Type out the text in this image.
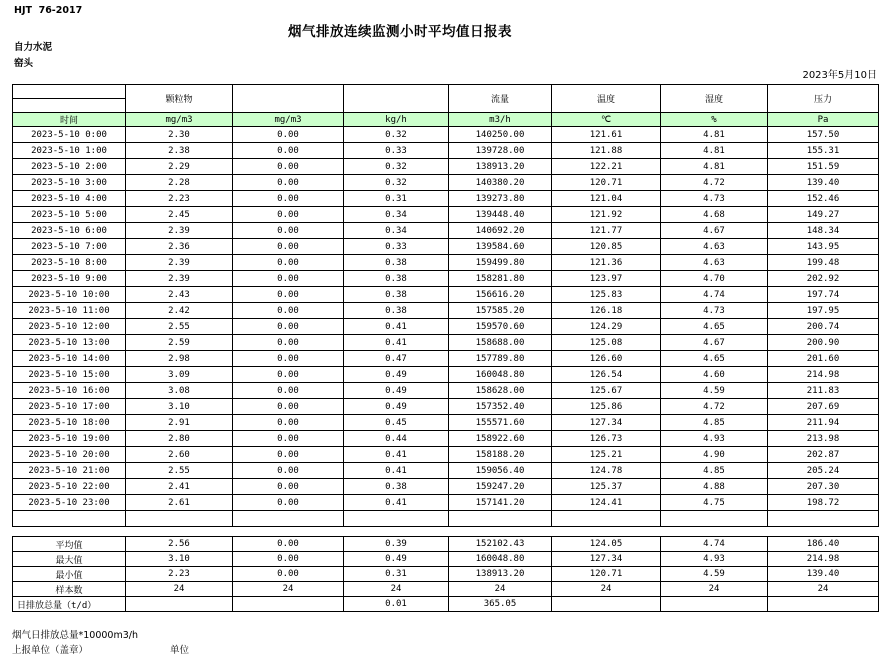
HJT  76-2017
烟气排放连续监测小时平均值日报表
自力水泥
窑头
2023年5月10日
	颗粒物			流量	温度	湿度	压力

时间	mg/m3	mg/m3	kg/h	m3/h	℃	%	Pa
2023-5-10 0:00	2.30	0.00	0.32	140250.00	121.61	4.81	157.50
2023-5-10 1:00	2.38	0.00	0.33	139728.00	121.88	4.81	155.31
2023-5-10 2:00	2.29	0.00	0.32	138913.20	122.21	4.81	151.59
2023-5-10 3:00	2.28	0.00	0.32	140380.20	120.71	4.72	139.40
2023-5-10 4:00	2.23	0.00	0.31	139273.80	121.04	4.73	152.46
2023-5-10 5:00	2.45	0.00	0.34	139448.40	121.92	4.68	149.27
2023-5-10 6:00	2.39	0.00	0.34	140692.20	121.77	4.67	148.34
2023-5-10 7:00	2.36	0.00	0.33	139584.60	120.85	4.63	143.95
2023-5-10 8:00	2.39	0.00	0.38	159499.80	121.36	4.63	199.48
2023-5-10 9:00	2.39	0.00	0.38	158281.80	123.97	4.70	202.92
2023-5-10 10:00	2.43	0.00	0.38	156616.20	125.83	4.74	197.74
2023-5-10 11:00	2.42	0.00	0.38	157585.20	126.18	4.73	197.95
2023-5-10 12:00	2.55	0.00	0.41	159570.60	124.29	4.65	200.74
2023-5-10 13:00	2.59	0.00	0.41	158688.00	125.08	4.67	200.90
2023-5-10 14:00	2.98	0.00	0.47	157789.80	126.60	4.65	201.60
2023-5-10 15:00	3.09	0.00	0.49	160048.80	126.54	4.60	214.98
2023-5-10 16:00	3.08	0.00	0.49	158628.00	125.67	4.59	211.83
2023-5-10 17:00	3.10	0.00	0.49	157352.40	125.86	4.72	207.69
2023-5-10 18:00	2.91	0.00	0.45	155571.60	127.34	4.85	211.94
2023-5-10 19:00	2.80	0.00	0.44	158922.60	126.73	4.93	213.98
2023-5-10 20:00	2.60	0.00	0.41	158188.20	125.21	4.90	202.87
2023-5-10 21:00	2.55	0.00	0.41	159056.40	124.78	4.85	205.24
2023-5-10 22:00	2.41	0.00	0.38	159247.20	125.37	4.88	207.30
2023-5-10 23:00	2.61	0.00	0.41	157141.20	124.41	4.75	198.72

平均值	2.56	0.00	0.39	152102.43	124.05	4.74	186.40
最大值	3.10	0.00	0.49	160048.80	127.34	4.93	214.98
最小值	2.23	0.00	0.31	138913.20	120.71	4.59	139.40
样本数	24	24	24	24	24	24	24
日排放总量（t/d）			0.01	365.05			
烟气日排放总量*10000m3/h
上报单位（盖章）	单位
